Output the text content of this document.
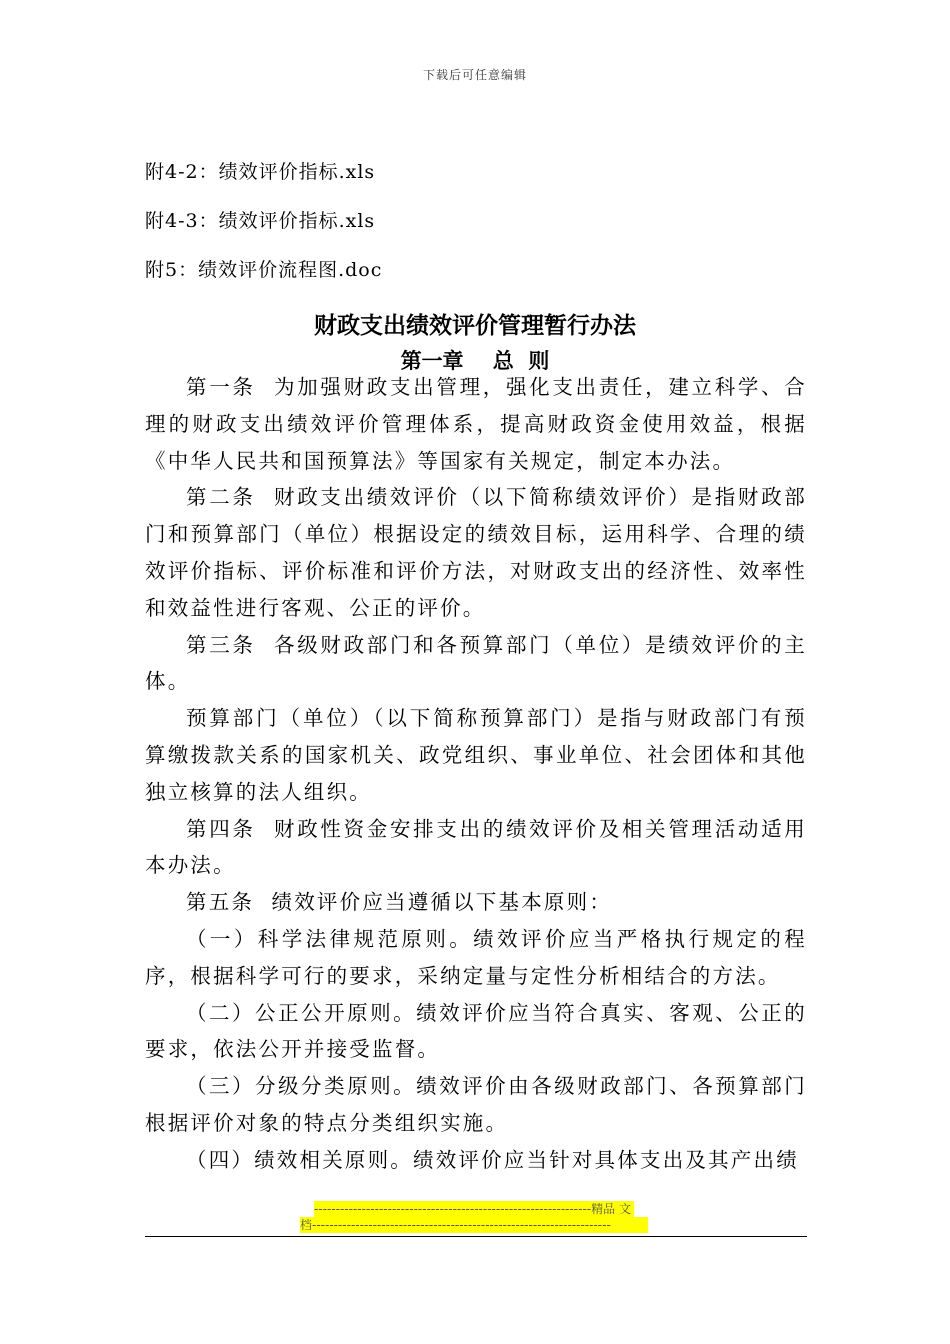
下载后可任意编辑
附4-2：绩效评价指标.xls
附4-3：绩效评价指标.xls
附5：绩效评价流程图.doc
财政支出绩效评价管理暂行办法
第一章    总  则

第一条  为加强财政支出管理，强化支出责任，建立科学、合理的财政支出绩效评价管理体系，提高财政资金使用效益，根据《中华人民共和国预算法》等国家有关规定，制定本办法。

第二条  财政支出绩效评价（以下简称绩效评价）是指财政部门和预算部门（单位）根据设定的绩效目标，运用科学、合理的绩效评价指标、评价标准和评价方法，对财政支出的经济性、效率性和效益性进行客观、公正的评价。

第三条  各级财政部门和各预算部门（单位）是绩效评价的主体。

预算部门（单位）（以下简称预算部门）是指与财政部门有预算缴拨款关系的国家机关、政党组织、事业单位、社会团体和其他独立核算的法人组织。

第四条  财政性资金安排支出的绩效评价及相关管理活动适用本办法。

第五条  绩效评价应当遵循以下基本原则：

（一）科学法律规范原则。绩效评价应当严格执行规定的程序，根据科学可行的要求，采纳定量与定性分析相结合的方法。

（二）公正公开原则。绩效评价应当符合真实、客观、公正的要求，依法公开并接受监督。

（三）分级分类原则。绩效评价由各级财政部门、各预算部门根据评价对象的特点分类组织实施。

（四）绩效相关原则。绩效评价应当针对具体支出及其产出绩

----------------------------------------------------------------精品 文
档---------------------------------------------------------------------
